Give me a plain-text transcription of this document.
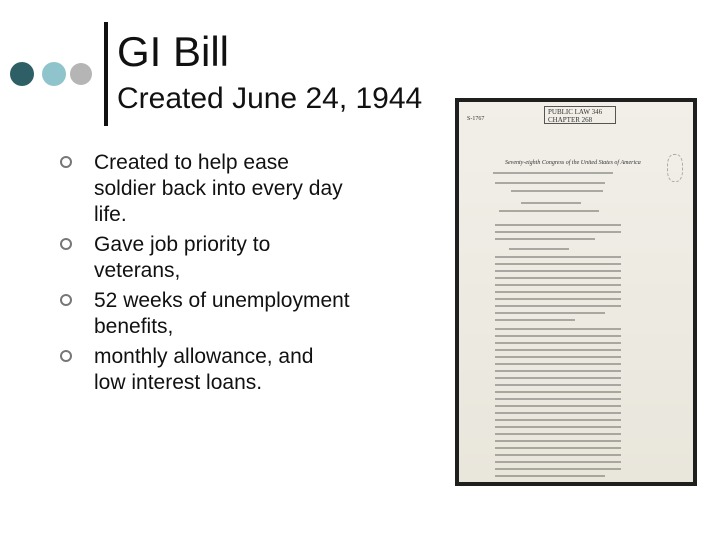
GI Bill
Created June 24, 1944
Created to help ease soldier back into every day life.
Gave job priority to veterans,
52 weeks of unemployment benefits,
monthly allowance, and low interest loans.
PUBLIC LAW 346 CHAPTER 268
S-1767
Seventy-eighth Congress of the United States of America
